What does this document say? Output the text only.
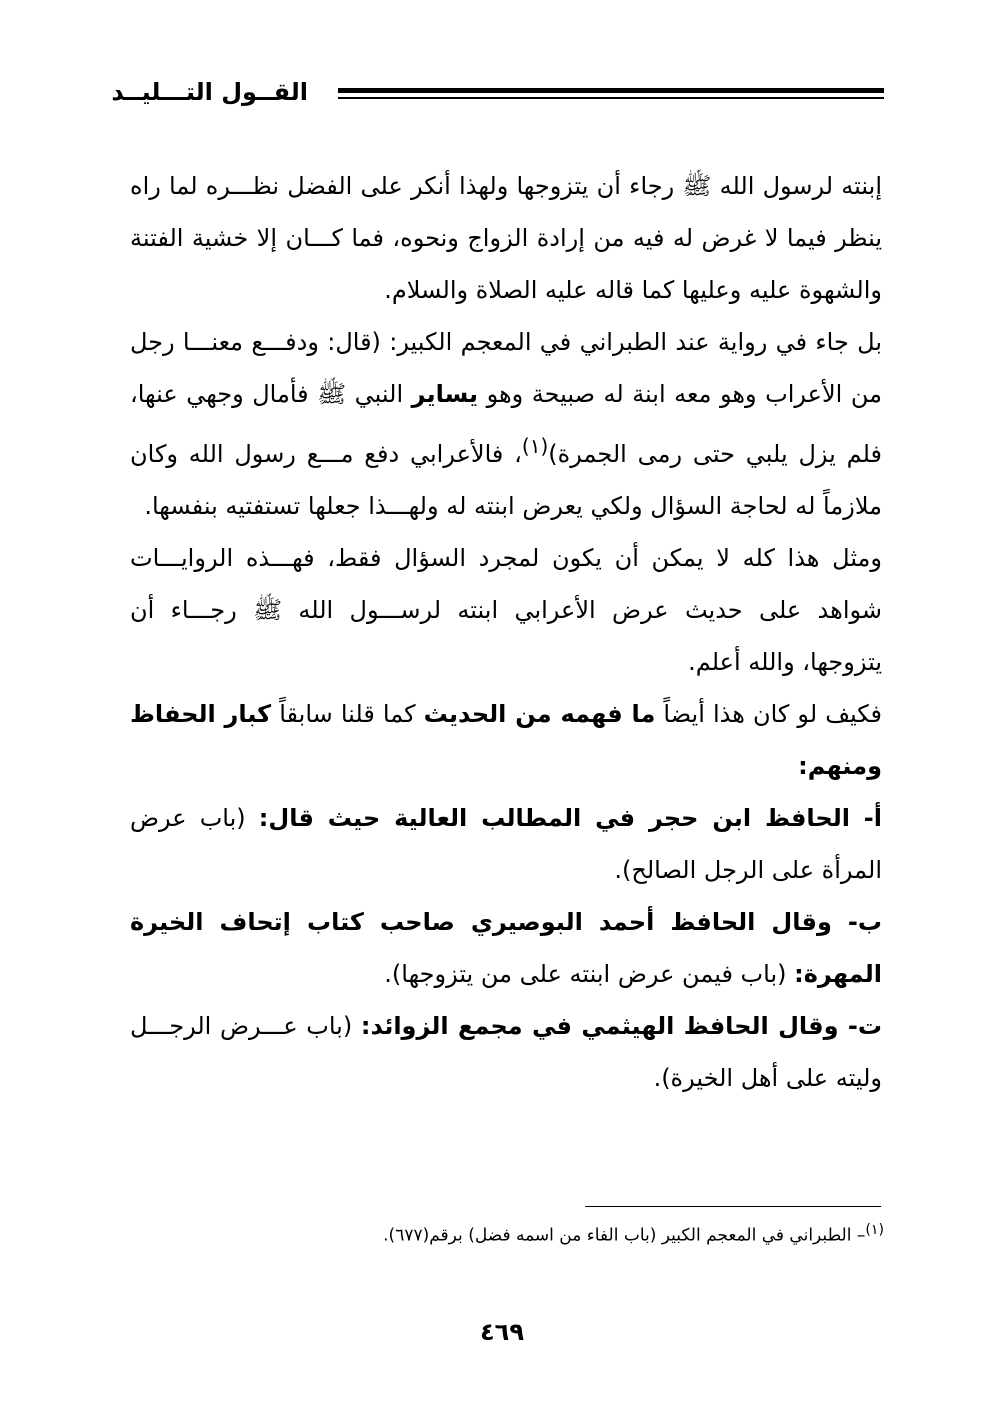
القــول التـــليــد

إبنته لرسول الله ﷺ رجاء أن يتزوجها ولهذا أنكر على الفضل نظـــره لما راه ينظر فيما لا غرض له فيه من إرادة الزواج ونحوه، فما كـــان إلا خشية الفتنة والشهوة عليه وعليها كما قاله عليه الصلاة والسلام.

بل جاء في رواية عند الطبراني في المعجم الكبير: (قال: ودفـــع معنـــا رجل من الأعراب وهو معه ابنة له صبيحة وهو يساير النبي ﷺ فأمال وجهي عنها، فلم يزل يلبي حتى رمى الجمرة)$^{(١)}$، فالأعرابي دفع مـــع رسول الله وكان ملازماً له لحاجة السؤال ولكي يعرض ابنته له ولهـــذا جعلها تستفتيه بنفسها.

ومثل هذا كله لا يمكن أن يكون لمجرد السؤال فقط، فهـــذه الروايـــات شواهد على حديث عرض الأعرابي ابنته لرســـول الله ﷺ رجـــاء أن يتزوجها، والله أعلم.

فكيف لو كان هذا أيضاً ما فهمه من الحديث كما قلنا سابقاً كبار الحفاظ ومنهم:

أ- الحافظ ابن حجر في المطالب العالية حيث قال: (باب عرض المرأة على الرجل الصالح).

ب- وقال الحافظ أحمد البوصيري صاحب كتاب إتحاف الخيرة المهرة: (باب فيمن عرض ابنته على من يتزوجها).

ت- وقال الحافظ الهيثمي في مجمع الزوائد: (باب عـــرض الرجـــل وليته على أهل الخيرة).

$^{(١)}$– الطبراني في المعجم الكبير (باب الفاء من اسمه فضل) برقم(٦٧٧).
٤٦٩
